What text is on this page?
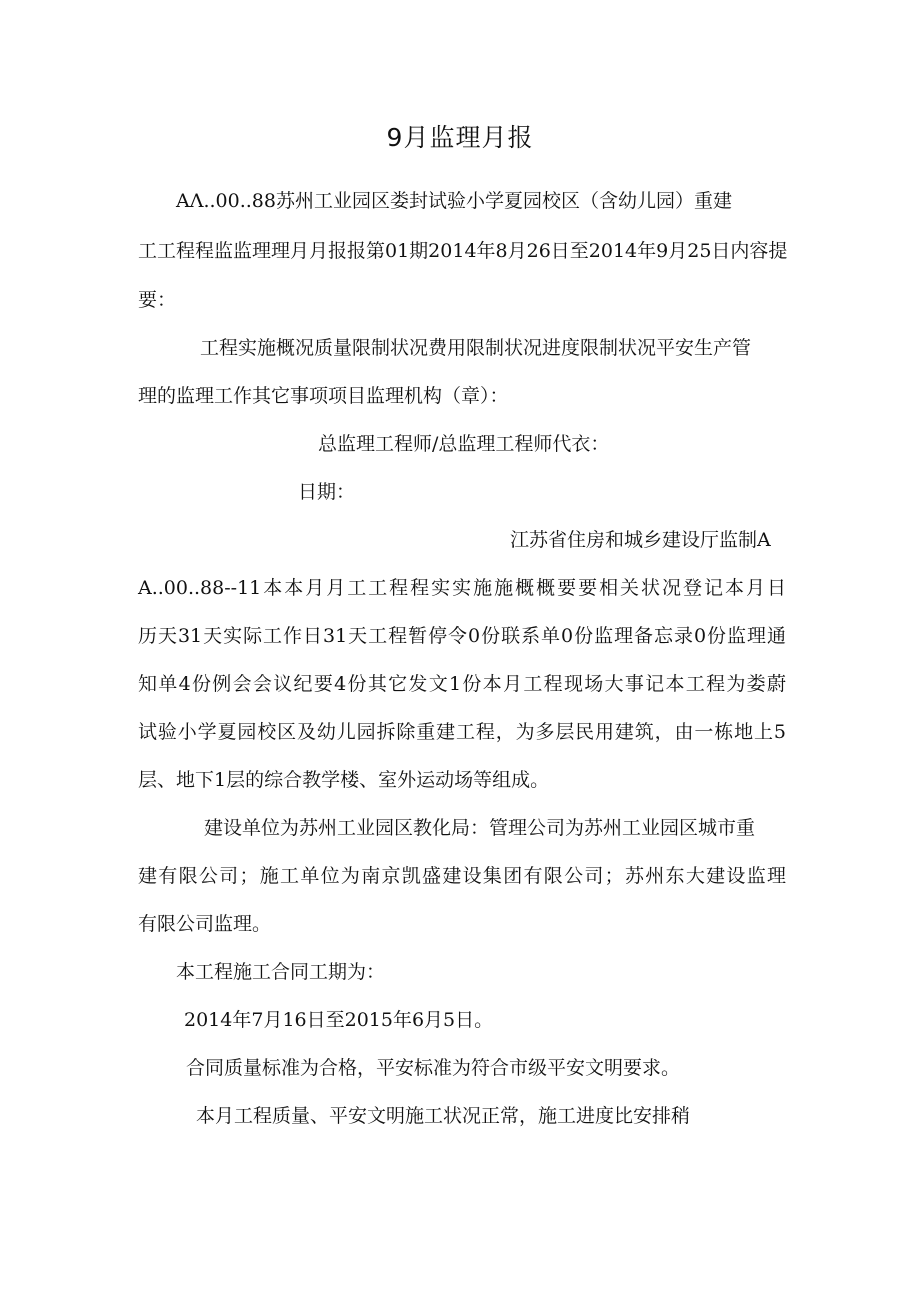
9月监理月报
AΛ..00..88苏州工业园区娄封试验小学夏园校区（含幼儿园）重建
工工程程监监理理月月报报第01期2014年8月26日至2014年9月25日内容提
要：
工程实施概况质量限制状况费用限制状况进度限制状况平安生产管
理的监理工作其它事项项目监理机构（章）：
总监理工程师/总监理工程师代衣：
日期：
江苏省住房和城乡建设厅监制A
A..00..88--11本本月月工工程程实实施施概概要要相关状况登记本月日
历天31天实际工作日31天工程暂停令0份联系单0份监理备忘录0份监理通
知单4份例会会议纪要4份其它发文1份本月工程现场大事记本工程为娄蔚
试验小学夏园校区及幼儿园拆除重建工程，为多层民用建筑，由一栋地上5
层、地下1层的综合教学楼、室外运动场等组成。
建设单位为苏州工业园区教化局：管理公司为苏州工业园区城市重
建有限公司；施工单位为南京凯盛建设集团有限公司；苏州东大建设监理
有限公司监理。
本工程施工合同工期为：
2014年7月16日至2015年6月5日。
合同质量标准为合格，平安标准为符合市级平安文明要求。
本月工程质量、平安文明施工状况正常，施工进度比安排稍
